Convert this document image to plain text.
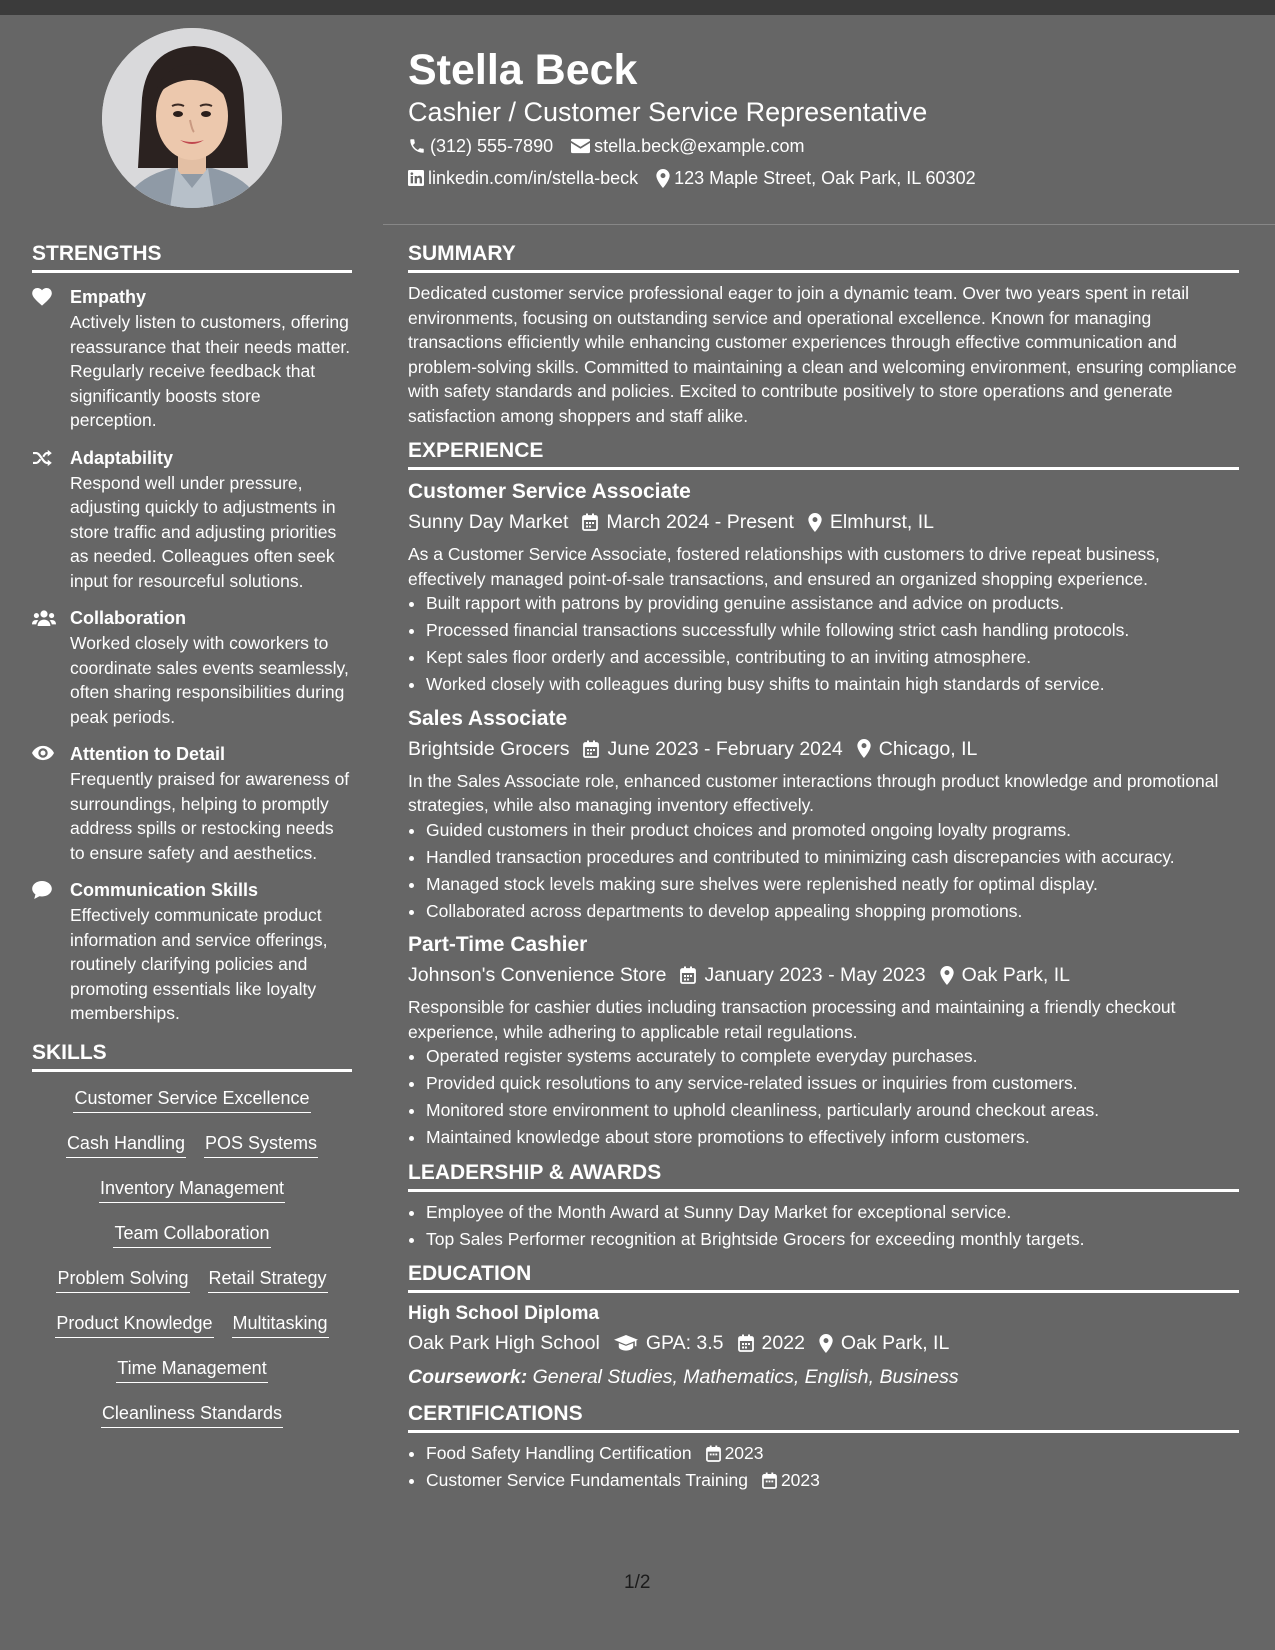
Stella Beck
Cashier / Customer Service Representative
(312) 555-7890 stella.beck@example.com
linkedin.com/in/stella-beck 123 Maple Street, Oak Park, IL 60302
STRENGTHS
Empathy
Actively listen to customers, offering reassurance that their needs matter. Regularly receive feedback that significantly boosts store perception.
Adaptability
Respond well under pressure, adjusting quickly to adjustments in store traffic and adjusting priorities as needed. Colleagues often seek input for resourceful solutions.
Collaboration
Worked closely with coworkers to coordinate sales events seamlessly, often sharing responsibilities during peak periods.
Attention to Detail
Frequently praised for awareness of surroundings, helping to promptly address spills or restocking needs to ensure safety and aesthetics.
Communication Skills
Effectively communicate product information and service offerings, routinely clarifying policies and promoting essentials like loyalty memberships.
SKILLS
Customer Service Excellence
Cash Handling POS Systems
Inventory Management
Team Collaboration
Problem Solving Retail Strategy
Product Knowledge Multitasking
Time Management
Cleanliness Standards
SUMMARY

Dedicated customer service professional eager to join a dynamic team. Over two years spent in retail environments, focusing on outstanding service and operational excellence. Known for managing transactions efficiently while enhancing customer experiences through effective communication and problem-solving skills. Committed to maintaining a clean and welcoming environment, ensuring compliance with safety standards and policies. Excited to contribute positively to store operations and generate satisfaction among shoppers and staff alike.

EXPERIENCE
Customer Service Associate
Sunny Day Market March 2024 - Present Elmhurst, IL

As a Customer Service Associate, fostered relationships with customers to drive repeat business, effectively managed point-of-sale transactions, and ensured an organized shopping experience.

• Built rapport with patrons by providing genuine assistance and advice on products.
• Processed financial transactions successfully while following strict cash handling protocols.
• Kept sales floor orderly and accessible, contributing to an inviting atmosphere.
• Worked closely with colleagues during busy shifts to maintain high standards of service.
Sales Associate
Brightside Grocers June 2023 - February 2024 Chicago, IL

In the Sales Associate role, enhanced customer interactions through product knowledge and promotional strategies, while also managing inventory effectively.

• Guided customers in their product choices and promoted ongoing loyalty programs.
• Handled transaction procedures and contributed to minimizing cash discrepancies with accuracy.
• Managed stock levels making sure shelves were replenished neatly for optimal display.
• Collaborated across departments to develop appealing shopping promotions.
Part-Time Cashier
Johnson's Convenience Store January 2023 - May 2023 Oak Park, IL

Responsible for cashier duties including transaction processing and maintaining a friendly checkout experience, while adhering to applicable retail regulations.

• Operated register systems accurately to complete everyday purchases.
• Provided quick resolutions to any service-related issues or inquiries from customers.
• Monitored store environment to uphold cleanliness, particularly around checkout areas.
• Maintained knowledge about store promotions to effectively inform customers.
LEADERSHIP & AWARDS
• Employee of the Month Award at Sunny Day Market for exceptional service.
• Top Sales Performer recognition at Brightside Grocers for exceeding monthly targets.
EDUCATION
High School Diploma
Oak Park High School GPA: 3.5 2022 Oak Park, IL
Coursework: General Studies, Mathematics, English, Business
CERTIFICATIONS
• Food Safety Handling Certification 2023
• Customer Service Fundamentals Training 2023
1/2
